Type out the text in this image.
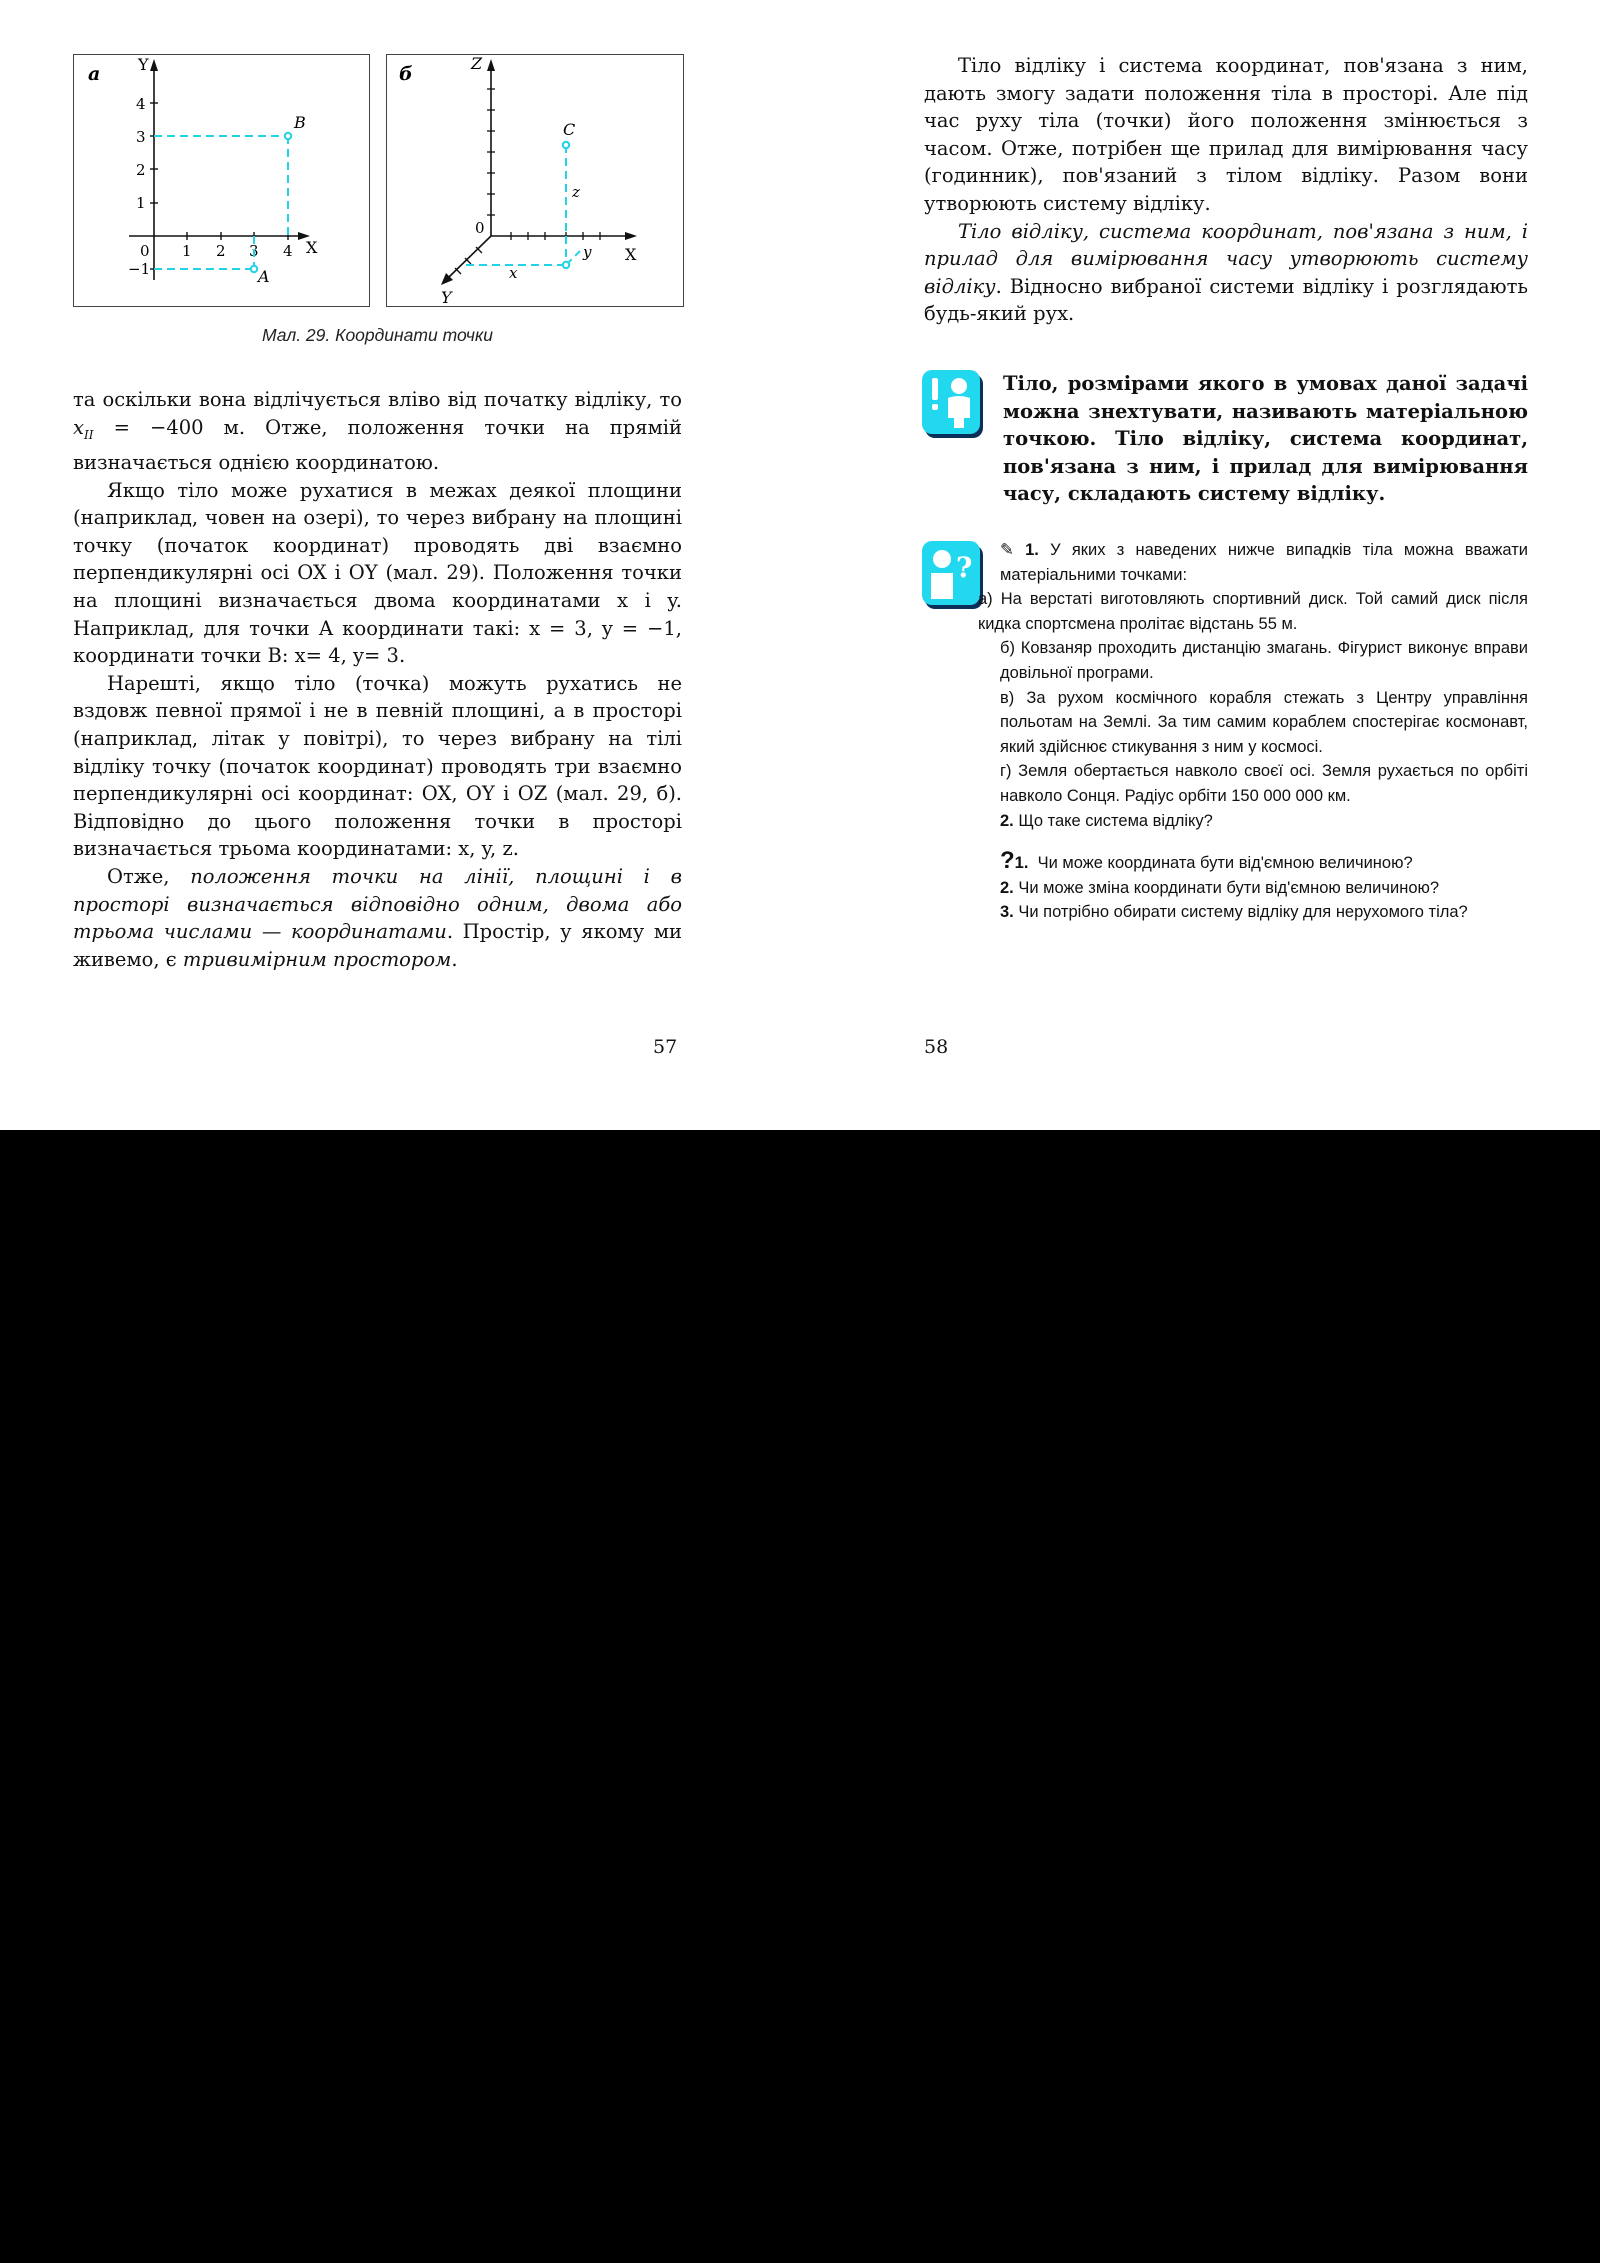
а Y
X
4
3
2
1
−1
0 1 2 3 4
B
A
б	Z
X
Y
0
C
x
y
z
Мал. 29. Координати точки

та оскільки вона відлічується вліво від початку відліку, то $x_{II} = -400$ м. Отже, положення точки на прямій визначається однією координатою.

Якщо тіло може рухатися в межах деякої площини (наприклад, човен на озері), то через вибрану на площині точку (початок координат) проводять дві взаємно перпендикулярні осі OX і OY (мал. 29). Положення точки на площині визначається двома координатами x і y. Наприклад, для точки А координати такі: x = 3, y = −1, координати точки B: x= 4, y= 3.

Нарешті, якщо тіло (точка) можуть рухатись не вздовж певної прямої і не в певній площині, а в просторі (наприклад, літак у повітрі), то через вибрану на тілі відліку точку (початок координат) проводять три взаємно перпендикулярні осі координат: OX, OY і OZ (мал. 29, б). Відповідно до цього положення точки в просторі визначається трьома координатами: x, y, z.

Отже, положення точки на лінії, площині і в просторі визначається відповідно одним, двома або трьома числами — координатами. Простір, у якому ми живемо, є тривимірним простором.

57

Тіло відліку і система координат, пов'язана з ним, дають змогу задати положення тіла в просторі. Але під час руху тіла (точки) його положення змінюється з часом. Отже, потрібен ще прилад для вимірювання часу (годинник), пов'язаний з тілом відліку. Разом вони утворюють систему відліку.

Тіло відліку, система координат, пов'язана з ним, і прилад для вимірювання часу утворюють систему відліку. Відносно вибраної системи відліку і розглядають будь-який рух.

Тіло, розмірами якого в умовах даної задачі можна знехтувати, називають матеріальною точкою. Тіло відліку, система координат, пов'язана з ним, і прилад для вимірювання часу, складають систему відліку.
?

✎ 1. У яких з наведених нижче випадків тіла можна вважати матеріальними точками:

а) На верстаті виготовляють спортивний диск. Той самий диск після кидка спортсмена пролітає відстань 55 м.

б) Ковзаняр проходить дистанцію змагань. Фігурист виконує вправи довільної програми.

в) За рухом космічного корабля стежать з Центру управління польотам на Землі. За тим самим кораблем спостерігає космонавт, який здійснює стикування з ним у космосі.

г) Земля обертається навколо своєї осі. Земля рухається по орбіті навколо Сонця. Радіус орбіти 150 000 000 км.

2. Що таке система відліку?

?1. Чи може координата бути від'ємною величиною?

2. Чи може зміна координати бути від'ємною величиною?

3. Чи потрібно обирати систему відліку для нерухомого тіла?

58
